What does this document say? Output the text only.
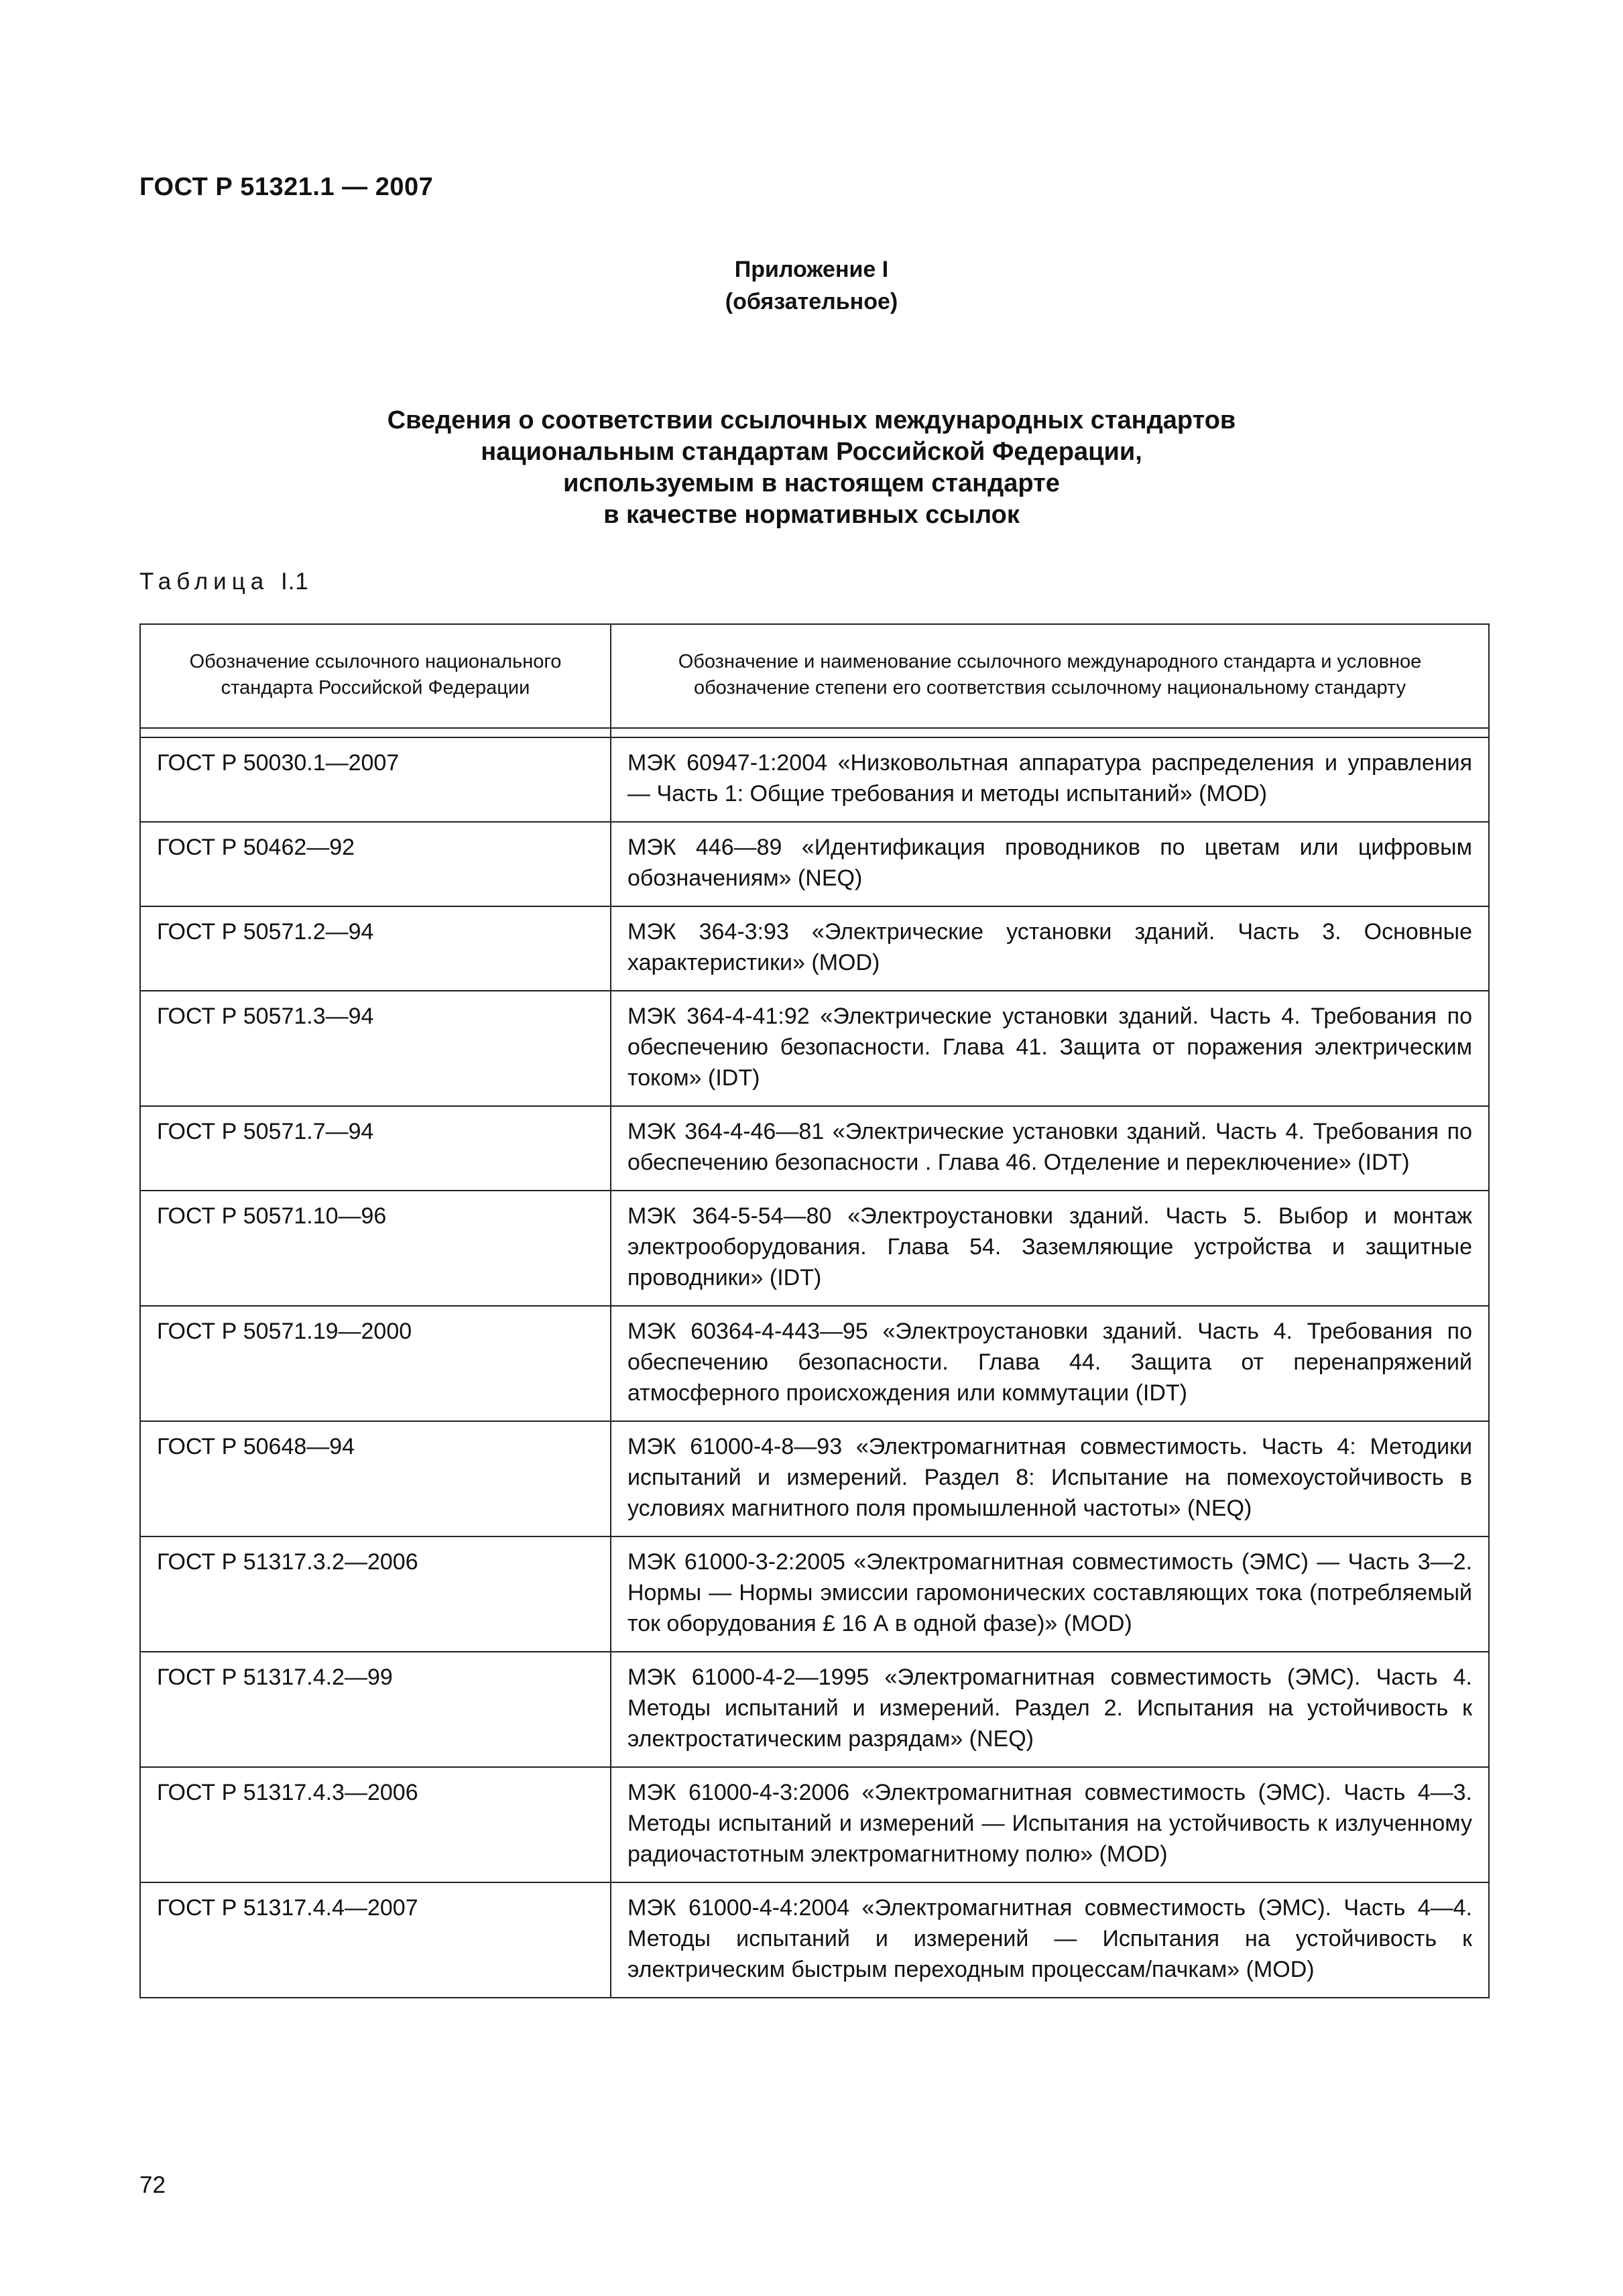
ГОСТ Р 51321.1 — 2007
Приложение I
(обязательное)
Сведения о соответствии ссылочных международных стандартов
национальным стандартам Российской Федерации,
используемым в настоящем стандарте
в качестве нормативных ссылок
Таблица I.1
Обозначение ссылочного национального стандарта Российской Федерации	Обозначение и наименование ссылочного международного стандарта и условное обозначение степени его соответствия ссылочному национальному стандарту

ГОСТ Р 50030.1—2007	МЭК 60947-1:2004 «Низковольтная аппаратура распределения и управления — Часть 1: Общие требования и методы испытаний» (MOD)
ГОСТ Р 50462—92	МЭК 446—89 «Идентификация проводников по цветам или цифровым обозначениям» (NEQ)
ГОСТ Р 50571.2—94	МЭК 364-3:93 «Электрические установки зданий. Часть 3. Основные характеристики» (MOD)
ГОСТ Р 50571.3—94	МЭК 364-4-41:92 «Электрические установки зданий. Часть 4. Требования по обеспечению безопасности. Глава 41. Защита от поражения электрическим током» (IDT)
ГОСТ Р 50571.7—94	МЭК 364-4-46—81 «Электрические установки зданий. Часть 4. Требования по обеспечению безопасности . Глава 46. Отделение и переключение» (IDT)
ГОСТ Р 50571.10—96	МЭК 364-5-54—80 «Электроустановки зданий. Часть 5. Выбор и монтаж электрооборудования. Глава 54. Заземляющие устройства и защитные проводники» (IDT)
ГОСТ Р 50571.19—2000	МЭК 60364-4-443—95 «Электроустановки зданий. Часть 4. Требования по обеспечению безопасности. Глава 44. Защита от перенапряжений атмосферного происхождения или коммутации (IDT)
ГОСТ Р 50648—94	МЭК 61000-4-8—93 «Электромагнитная совместимость. Часть 4: Методики испытаний и измерений. Раздел 8: Испытание на помехоустойчивость в условиях магнитного поля промышленной частоты» (NEQ)
ГОСТ Р 51317.3.2—2006	МЭК 61000-3-2:2005 «Электромагнитная совместимость (ЭМС) — Часть 3—2. Нормы — Нормы эмиссии гаромонических составляющих тока (потребляемый ток оборудования £ 16 А в одной фазе)» (MOD)
ГОСТ Р 51317.4.2—99	МЭК 61000-4-2—1995 «Электромагнитная совместимость (ЭМС). Часть 4. Методы испытаний и измерений. Раздел 2. Испытания на устойчивость к электростатическим разрядам» (NEQ)
ГОСТ Р 51317.4.3—2006	МЭК 61000-4-3:2006 «Электромагнитная совместимость (ЭМС). Часть 4—3. Методы испытаний и измерений — Испытания на устойчивость к излученному радиочастотным электромагнитному полю» (MOD)
ГОСТ Р 51317.4.4—2007	МЭК 61000-4-4:2004 «Электромагнитная совместимость (ЭМС). Часть 4—4. Методы испытаний и измерений — Испытания на устойчивость к электрическим быстрым переходным процессам/пачкам» (MOD)
72
